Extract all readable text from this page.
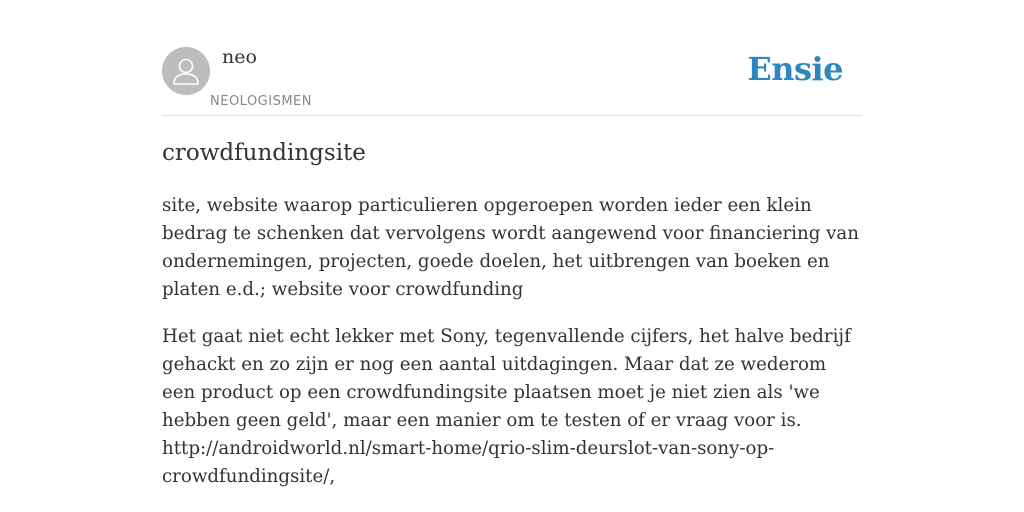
neo
NEOLOGISMEN
Ensie
crowdfundingsite

site, website waarop particulieren opgeroepen worden ieder een klein bedrag te schenken dat vervolgens wordt aangewend voor financiering van ondernemingen, projecten, goede doelen, het uitbrengen van boeken en platen e.d.; website voor crowdfunding

Het gaat niet echt lekker met Sony, tegenvallende cijfers, het halve bedrijf gehackt en zo zijn er nog een aantal uitdagingen. Maar dat ze wederom een product op een crowdfundingsite plaatsen moet je niet zien als 'we hebben geen geld', maar een manier om te testen of er vraag voor is. http://androidworld.nl/smart-home/qrio-slim-deurslot-van-sony-op-crowdfundingsite/,
